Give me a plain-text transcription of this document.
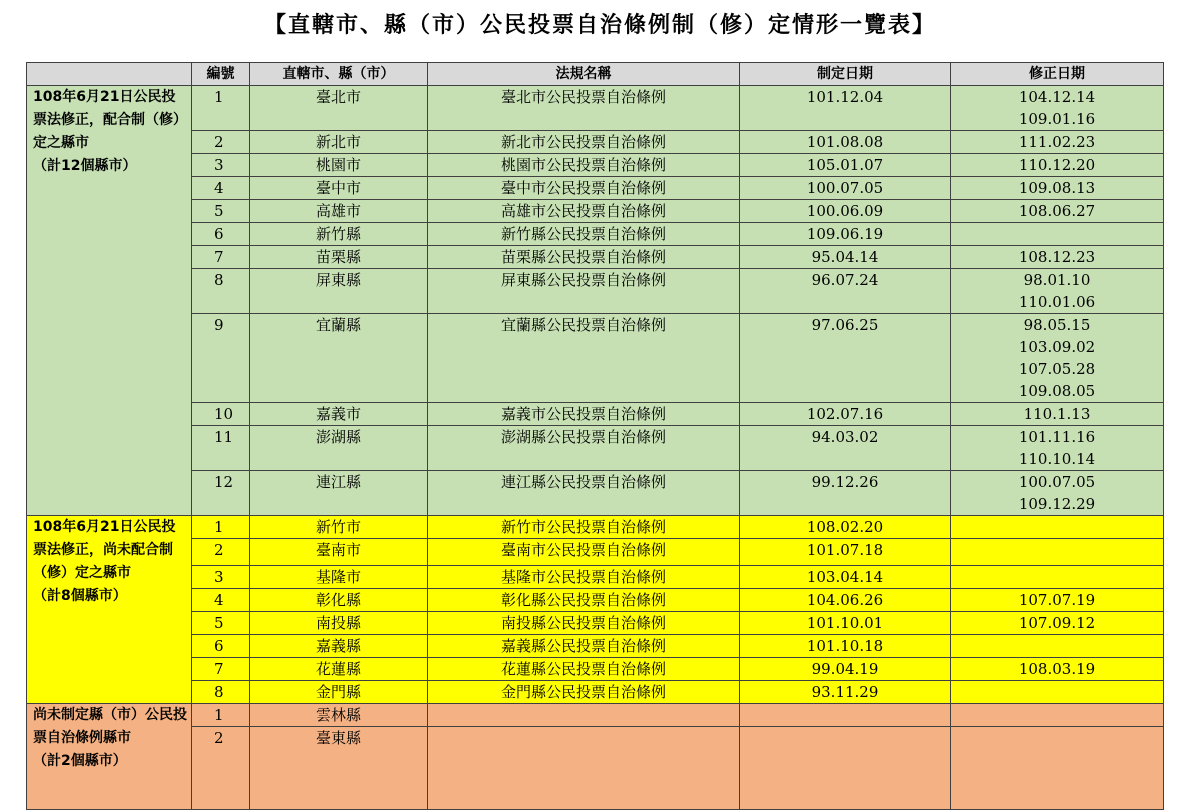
【直轄市、縣（市）公民投票自治條例制（修）定情形一覽表】
	編號	直轄市、縣（市）	法規名稱	制定日期	修正日期

108年6月21日公民投票法修正，配合制（修）定之縣市
（計12個縣市）	1	臺北市	臺北市公民投票自治條例	101.12.04	104.12.14
109.01.16

	2	新北市	新北市公民投票自治條例	101.08.08	111.02.23

	3	桃園市	桃園市公民投票自治條例	105.01.07	110.12.20

	4	臺中市	臺中市公民投票自治條例	100.07.05	109.08.13

	5	高雄市	高雄市公民投票自治條例	100.06.09	108.06.27

	6	新竹縣	新竹縣公民投票自治條例	109.06.19	
	7	苗栗縣	苗栗縣公民投票自治條例	95.04.14	108.12.23

	8	屏東縣	屏東縣公民投票自治條例	96.07.24	98.01.10
110.01.06

	9	宜蘭縣	宜蘭縣公民投票自治條例	97.06.25	98.05.15
103.09.02
107.05.28
109.08.05

	10	嘉義市	嘉義市公民投票自治條例	102.07.16	110.1.13

	11	澎湖縣	澎湖縣公民投票自治條例	94.03.02	101.11.16
110.10.14

	12	連江縣	連江縣公民投票自治條例	99.12.26	100.07.05
109.12.29

108年6月21日公民投票法修正，尚未配合制（修）定之縣市
（計8個縣市）	1	新竹市	新竹市公民投票自治條例	108.02.20	
	2	臺南市	臺南市公民投票自治條例	101.07.18	
	3	基隆市	基隆市公民投票自治條例	103.04.14	
	4	彰化縣	彰化縣公民投票自治條例	104.06.26	107.07.19

	5	南投縣	南投縣公民投票自治條例	101.10.01	107.09.12

	6	嘉義縣	嘉義縣公民投票自治條例	101.10.18	
	7	花蓮縣	花蓮縣公民投票自治條例	99.04.19	108.03.19

	8	金門縣	金門縣公民投票自治條例	93.11.29	

尚未制定縣（市）公民投票自治條例縣市
（計2個縣市）	1	雲林縣			
	2	臺東縣			
